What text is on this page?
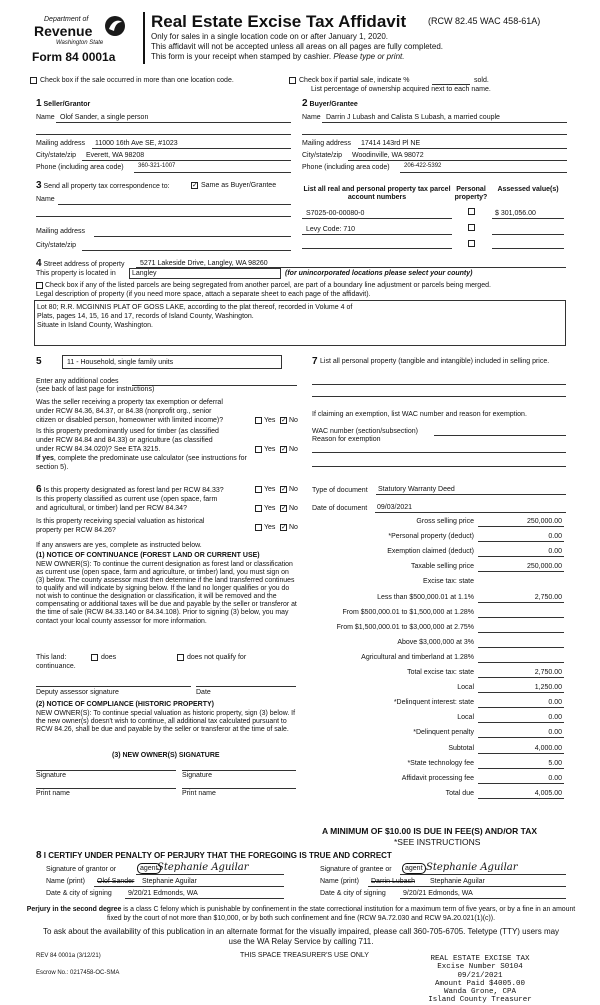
Department of
Revenue
Washington State
Form 84 0001a
Real Estate Excise Tax Affidavit (RCW 82.45 WAC 458-61A)
Only for sales in a single location code on or after January 1, 2020.
This affidavit will not be accepted unless all areas on all pages are fully completed.
This form is your receipt when stamped by cashier. Please type or print.
Check box if the sale occurred in more than one location code.	Check box if partial sale, indicate %	sold.
List percentage of ownership acquired next to each name.
1 Seller/Grantor
Name Olof Sander, a single person
Mailing address 11000 16th Ave SE, #1023
City/state/zip Everett, WA 98208
Phone (including area code) 360-321-1007
2 Buyer/Grantee
Name Darrin J Lubash and Calista S Lubash, a married couple
Mailing address 17414 143rd Pl NE
City/state/zip Woodinville, WA 98072
Phone (including area code) 206-422-5392
3 Send all property tax correspondence to:	✓ Same as Buyer/Grantee
Name
Mailing address
City/state/zip
List all real and personal property tax parcel account numbers
Personal property?
Assessed value(s)
S7025-00-00080-0	$ 301,056.00
Levy Code: 710
4 Street address of property 5271 Lakeside Drive, Langley, WA 98260
This property is located in Langley	(for unincorporated locations please select your county)
Check box if any of the listed parcels are being segregated from another parcel, are part of a boundary line adjustment or parcels being merged.
Legal description of property (if you need more space, attach a separate sheet to each page of the affidavit).
Lot 80; R.R. MCGINNIS PLAT OF GOSS LAKE, according to the plat thereof, recorded in Volume 4 of
Plats, pages 14, 15, 16 and 17, records of Island County, Washington.
Situate in Island County, Washington.
5	11 - Household, single family units
Enter any additional codes
(see back of last page for instructions)
Was the seller receiving a property tax exemption or deferral
under RCW 84.36, 84.37, or 84.38 (nonprofit org., senior
citizen or disabled person, homeowner with limited income)?	Yes ✓ No
Is this property predominantly used for timber (as classified
under RCW 84.84 and 84.33) or agriculture (as classified
under RCW 84.34.020)? See ETA 3215.	Yes ✓ No
If yes, complete the predominate use calculator (see instructions for
section 5).
7 List all personal property (tangible and intangible) included in selling price.
If claiming an exemption, list WAC number and reason for exemption.
WAC number (section/subsection)
Reason for exemption
6 Is this property designated as forest land per RCW 84.33?	Yes ✓ No
Is this property classified as current use (open space, farm
and agricultural, or timber) land per RCW 84.34?	Yes ✓ No
Is this property receiving special valuation as historical
property per RCW 84.26?	Yes ✓ No
If any answers are yes, complete as instructed below.
(1) NOTICE OF CONTINUANCE (FOREST LAND OR CURRENT USE)
NEW OWNER(S): To continue the current designation as forest land or classification as current use (open space, farm and agriculture, or timber) land, you must sign on (3) below. The county assessor must then determine if the land transferred continues to qualify and will indicate by signing below. If the land no longer qualifies or you do not wish to continue the designation or classification, it will be removed and the compensating or additional taxes will be due and payable by the seller or transferor at the time of sale (RCW 84.33.140 or 84.34.108). Prior to signing (3) below, you may contact your local county assessor for more information.
This land:	does	does not qualify for
continuance.
Deputy assessor signature	Date
(2) NOTICE OF COMPLIANCE (HISTORIC PROPERTY)
NEW OWNER(S): To continue special valuation as historic property, sign (3) below. If the new owner(s) doesn't wish to continue, all additional tax calculated pursuant to RCW 84.26, shall be due and payable by the seller or transferor at the time of sale.
(3) NEW OWNER(S) SIGNATURE
Signature	Signature
Print name	Print name
Type of document Statutory Warranty Deed
Date of document 09/03/2021
Gross selling price	250,000.00
*Personal property (deduct)	0.00
Exemption claimed (deduct)	0.00
Taxable selling price	250,000.00
Excise tax: state
Less than $500,000.01 at 1.1%	2,750.00
From $500,000.01 to $1,500,000 at 1.28%
From $1,500,000.01 to $3,000,000 at 2.75%
Above $3,000,000 at 3%
Agricultural and timberland at 1.28%
Total excise tax: state	2,750.00
Local	1,250.00
*Delinquent interest: state	0.00
Local	0.00
*Delinquent penalty	0.00
Subtotal	4,000.00
*State technology fee	5.00
Affidavit processing fee	0.00
Total due	4,005.00
A MINIMUM OF $10.00 IS DUE IN FEE(S) AND/OR TAX
*SEE INSTRUCTIONS
8 I CERTIFY UNDER PENALTY OF PERJURY THAT THE FOREGOING IS TRUE AND CORRECT
Signature of grantor or	agent Stephanie Aguilar
Name (print) Olof Sander Stephanie Aguilar
Date & city of signing 9/20/21 Edmonds, WA
Signature of grantee or	agent Stephanie Aguilar
Name (print) Darrin Lubash Stephanie Aguilar
Date & city of signing 9/20/21 Edmonds, WA
Perjury in the second degree is a class C felony which is punishable by confinement in the state correctional institution for a maximum term of five years, or by a fine in an amount fixed by the court of not more than $10,000, or by both such confinement and fine (RCW 9A.72.030 and RCW 9A.20.021(1)(c)).
To ask about the availability of this publication in an alternate format for the visually impaired, please call 360-705-6705. Teletype (TTY) users may use the WA Relay Service by calling 711.
REV 84 0001a (3/12/21)	THIS SPACE TREASURER'S USE ONLY
Escrow No.: 0217458-OC-SMA
REAL ESTATE EXCISE TAX
Excise Number S0104
09/21/2021
Amount Paid $4005.00
Wanda Grone, CPA
Island County Treasurer
